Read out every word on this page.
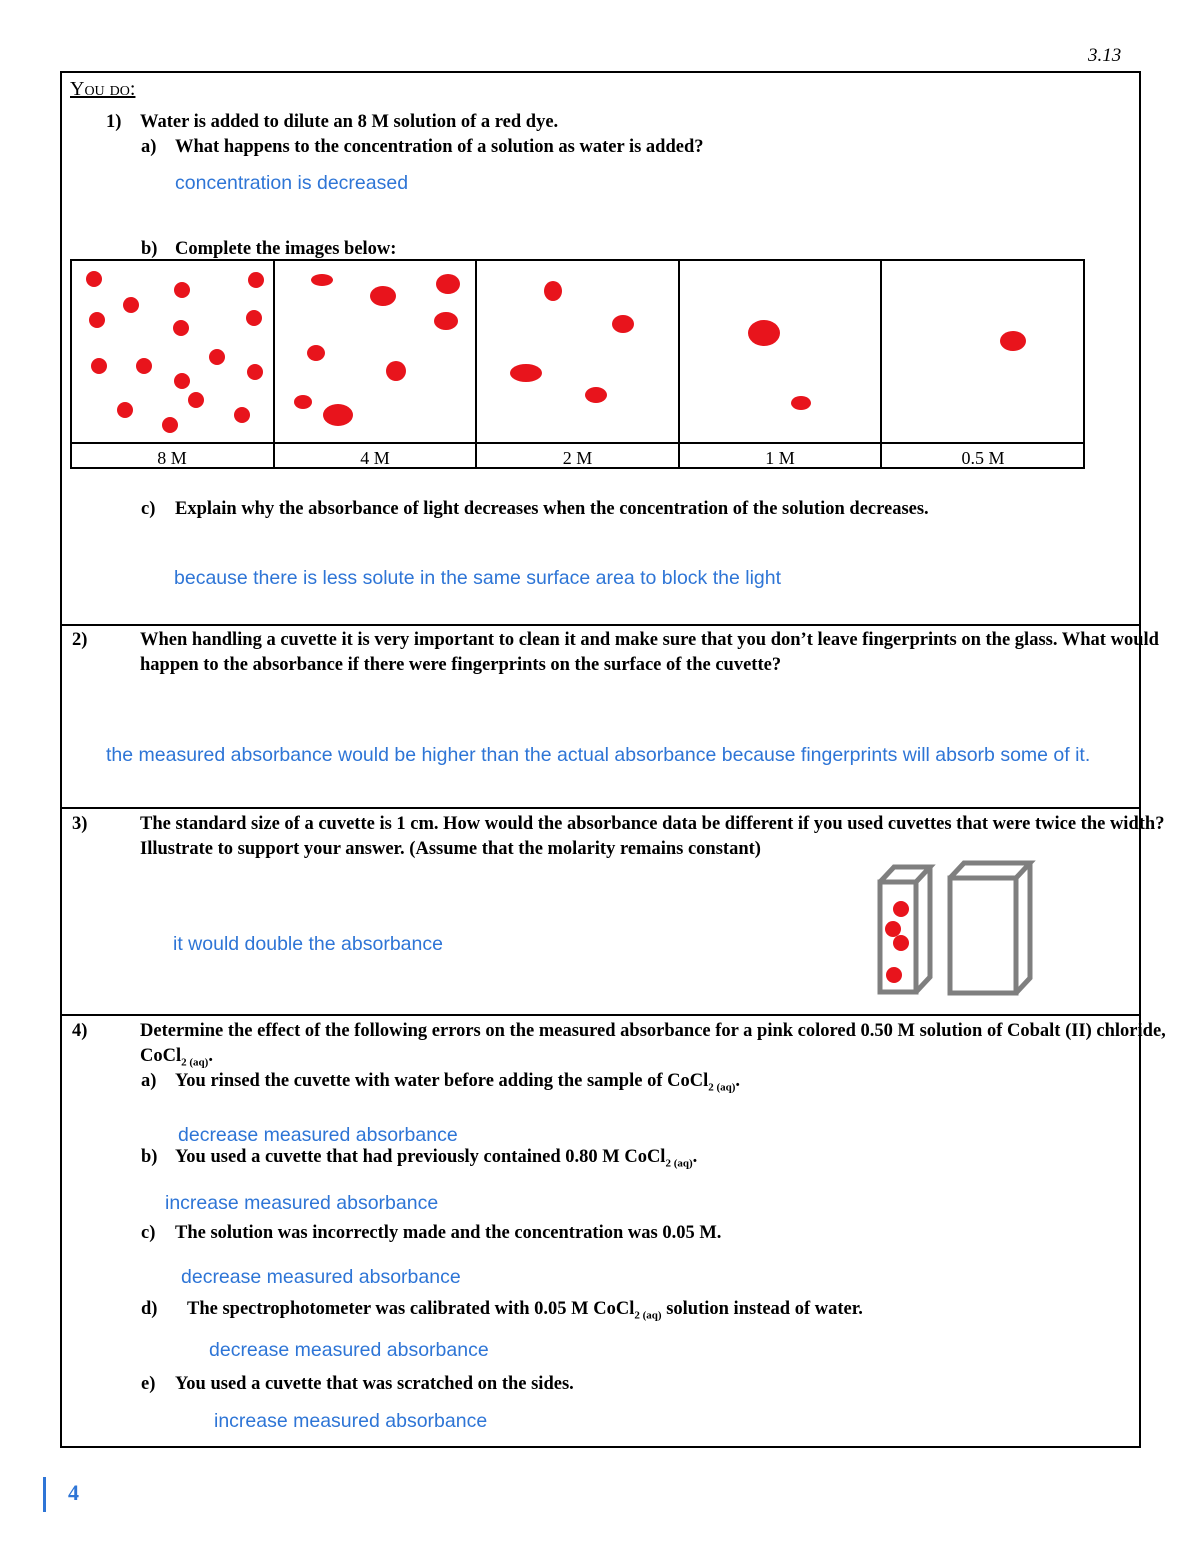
3.13
You do:
1) Water is added to dilute an 8 M solution of a red dye.
a) What happens to the concentration of a solution as water is added?
concentration is decreased
b) Complete the images below:
8 M	4 M	2 M	1 M	0.5 M
c) Explain why the absorbance of light decreases when the concentration of the solution decreases.
because there is less solute in the same surface area to block the light
2)	When handling a cuvette it is very important to clean it and make sure that you don’t leave fingerprints on the glass. What would happen to the absorbance if there were fingerprints on the surface of the cuvette?
the measured absorbance would be higher than the actual absorbance because fingerprints will absorb some of it.
3)	The standard size of a cuvette is 1 cm. How would the absorbance data be different if you used cuvettes that were twice the width? Illustrate to support your answer. (Assume that the molarity remains constant)
it would double the absorbance
4)	Determine the effect of the following errors on the measured absorbance for a pink colored 0.50 M solution of Cobalt (II) chloride, CoCl$_{2 (aq)}$.
a) You rinsed the cuvette with water before adding the sample of CoCl$_{2 (aq)}$.
decrease measured absorbance
b) You used a cuvette that had previously contained 0.80 M CoCl$_{2 (aq)}$.
increase measured absorbance
c) The solution was incorrectly made and the concentration was 0.05 M.
decrease measured absorbance
d) The spectrophotometer was calibrated with 0.05 M CoCl$_{2 (aq)}$ solution instead of water.
decrease measured absorbance
e) You used a cuvette that was scratched on the sides.
increase measured absorbance
4
